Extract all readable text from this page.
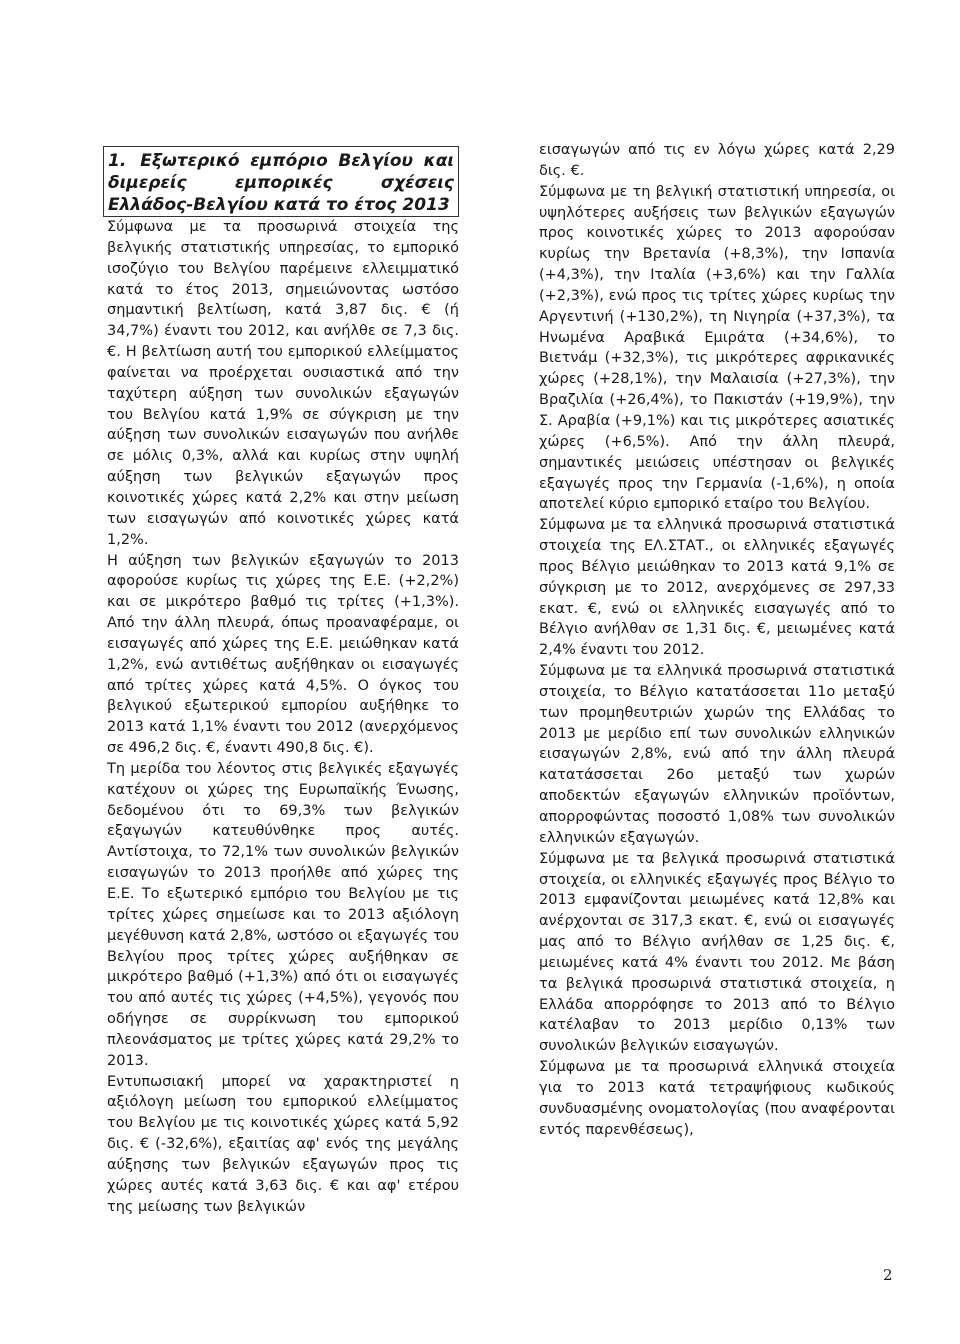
1. Εξωτερικό εμπόριο Βελγίου και διμερείς εμπορικές σχέσεις Ελλάδος-Βελγίου κατά το έτος 2013

Σύμφωνα με τα προσωρινά στοιχεία της βελγικής στατιστικής υπηρεσίας, το εμπορικό ισοζύγιο του Βελγίου παρέμεινε ελλειμματικό κατά το έτος 2013, σημειώνοντας ωστόσο σημαντική βελτίωση, κατά 3,87 δις. € (ή 34,7%) έναντι του 2012, και ανήλθε σε 7,3 δις. €. Η βελτίωση αυτή του εμπορικού ελλείμματος φαίνεται να προέρχεται ουσιαστικά από την ταχύτερη αύξηση των συνολικών εξαγωγών του Βελγίου κατά 1,9% σε σύγκριση με την αύξηση των συνολικών εισαγωγών που ανήλθε σε μόλις 0,3%, αλλά και κυρίως στην υψηλή αύξηση των βελγικών εξαγωγών προς κοινοτικές χώρες κατά 2,2% και στην μείωση των εισαγωγών από κοινοτικές χώρες κατά 1,2%.

Η αύξηση των βελγικών εξαγωγών το 2013 αφορούσε κυρίως τις χώρες της Ε.Ε. (+2,2%) και σε μικρότερο βαθμό τις τρίτες (+1,3%). Από την άλλη πλευρά, όπως προαναφέραμε, οι εισαγωγές από χώρες της Ε.Ε. μειώθηκαν κατά 1,2%, ενώ αντιθέτως αυξήθηκαν οι εισαγωγές από τρίτες χώρες κατά 4,5%. Ο όγκος του βελγικού εξωτερικού εμπορίου αυξήθηκε το 2013 κατά 1,1% έναντι του 2012 (ανερχόμενος σε 496,2 δις. €, έναντι 490,8 δις. €).

Τη μερίδα του λέοντος στις βελγικές εξαγωγές κατέχουν οι χώρες της Ευρωπαϊκής Ένωσης, δεδομένου ότι το 69,3% των βελγικών εξαγωγών κατευθύνθηκε προς αυτές. Αντίστοιχα, το 72,1% των συνολικών βελγικών εισαγωγών το 2013 προήλθε από χώρες της Ε.Ε. Το εξωτερικό εμπόριο του Βελγίου με τις τρίτες χώρες σημείωσε και το 2013 αξιόλογη μεγέθυνση κατά 2,8%, ωστόσο οι εξαγωγές του Βελγίου προς τρίτες χώρες αυξήθηκαν σε μικρότερο βαθμό (+1,3%) από ότι οι εισαγωγές του από αυτές τις χώρες (+4,5%), γεγονός που οδήγησε σε συρρίκνωση του εμπορικού πλεονάσματος με τρίτες χώρες κατά 29,2% το 2013.

Εντυπωσιακή μπορεί να χαρακτηριστεί η αξιόλογη μείωση του εμπορικού ελλείμματος του Βελγίου με τις κοινοτικές χώρες κατά 5,92 δις. € (-32,6%), εξαιτίας αφ' ενός της μεγάλης αύξησης των βελγικών εξαγωγών προς τις χώρες αυτές κατά 3,63 δις. € και αφ' ετέρου της μείωσης των βελγικών

εισαγωγών από τις εν λόγω χώρες κατά 2,29 δις. €.

Σύμφωνα με τη βελγική στατιστική υπηρεσία, οι υψηλότερες αυξήσεις των βελγικών εξαγωγών προς κοινοτικές χώρες το 2013 αφορούσαν κυρίως την Βρετανία (+8,3%), την Ισπανία (+4,3%), την Ιταλία (+3,6%) και την Γαλλία (+2,3%), ενώ προς τις τρίτες χώρες κυρίως την Αργεντινή (+130,2%), τη Νιγηρία (+37,3%), τα Ηνωμένα Αραβικά Εμιράτα (+34,6%), το Βιετνάμ (+32,3%), τις μικρότερες αφρικανικές χώρες (+28,1%), την Μαλαισία (+27,3%), την Βραζιλία (+26,4%), το Πακιστάν (+19,9%), την Σ. Αραβία (+9,1%) και τις μικρότερες ασιατικές χώρες (+6,5%). Από την άλλη πλευρά, σημαντικές μειώσεις υπέστησαν οι βελγικές εξαγωγές προς την Γερμανία (-1,6%), η οποία αποτελεί κύριο εμπορικό εταίρο του Βελγίου.

Σύμφωνα με τα ελληνικά προσωρινά στατιστικά στοιχεία της ΕΛ.ΣΤΑΤ., οι ελληνικές εξαγωγές προς Βέλγιο μειώθηκαν το 2013 κατά 9,1% σε σύγκριση με το 2012, ανερχόμενες σε 297,33 εκατ. €, ενώ οι ελληνικές εισαγωγές από το Βέλγιο ανήλθαν σε 1,31 δις. €, μειωμένες κατά 2,4% έναντι του 2012.

Σύμφωνα με τα ελληνικά προσωρινά στατιστικά στοιχεία, το Βέλγιο κατατάσσεται 11ο μεταξύ των προμηθευτριών χωρών της Ελλάδας το 2013 με μερίδιο επί των συνολικών ελληνικών εισαγωγών 2,8%, ενώ από την άλλη πλευρά κατατάσσεται 26ο μεταξύ των χωρών αποδεκτών εξαγωγών ελληνικών προϊόντων, απορροφώντας ποσοστό 1,08% των συνολικών ελληνικών εξαγωγών.

Σύμφωνα με τα βελγικά προσωρινά στατιστικά στοιχεία, οι ελληνικές εξαγωγές προς Βέλγιο το 2013 εμφανίζονται μειωμένες κατά 12,8% και ανέρχονται σε 317,3 εκατ. €, ενώ οι εισαγωγές μας από το Βέλγιο ανήλθαν σε 1,25 δις. €, μειωμένες κατά 4% έναντι του 2012. Με βάση τα βελγικά προσωρινά στατιστικά στοιχεία, η Ελλάδα απορρόφησε το 2013 από το Βέλγιο κατέλαβαν το 2013 μερίδιο 0,13% των συνολικών βελγικών εισαγωγών.

Σύμφωνα με τα προσωρινά ελληνικά στοιχεία για το 2013 κατά τετραψήφιους κωδικούς συνδυασμένης ονοματολογίας (που αναφέρονται εντός παρενθέσεως),

2
